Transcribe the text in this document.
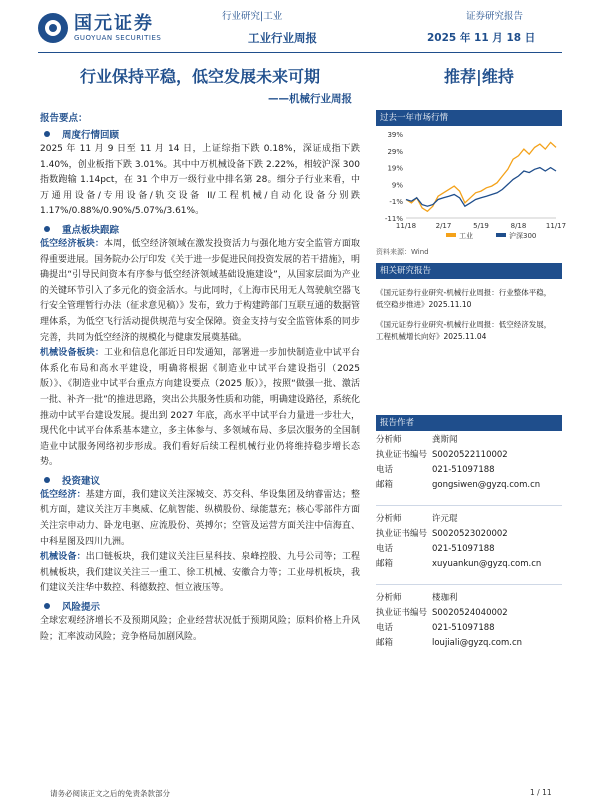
国元证券
GUOYUAN SECURITIES
行业研究|工业	证券研究报告
工业行业周报	2025 年 11 月 18 日
行业保持平稳，低空发展未来可期	推荐|维持
——机械行业周报
报告要点：
周度行情回顾

2025 年 11 月 9 日至 11 月 14 日，上证综指下跌 0.18%，深证成指下跌 1.40%，创业板指下跌 3.01%。其中中万机械设备下跌 2.22%，相较沪深 300 指数跑输 1.14pct，在 31 个申万一级行业中排名第 28。细分子行业来看，中万通用设备/专用设备/轨交设备 II/工程机械/自动化设备分别跌 1.17%/0.88%/0.90%/5.07%/3.61%。

重点板块跟踪

低空经济板块：本周，低空经济领域在激发投资活力与强化地方安全监管方面取得重要进展。国务院办公厅印发《关于进一步促进民间投资发展的若干措施》，明确提出“引导民间资本有序参与低空经济领域基础设施建设”，从国家层面为产业的关键环节引入了多元化的资金活水。与此同时，《上海市民用无人驾驶航空器飞行安全管理暂行办法（征求意见稿）》发布，致力于构建跨部门互联互通的数据管理体系，为低空飞行活动提供规范与安全保障。资金支持与安全监管体系的同步完善，共同为低空经济的规模化与健康发展奠基础。

机械设备板块：工业和信息化部近日印发通知，部署进一步加快制造业中试平台体系化布局和高水平建设，明确将根据《制造业中试平台建设指引（2025 版）》、《制造业中试平台重点方向建设要点（2025 版）》，按照“做强一批、激活一批、补齐一批”的推进思路，突出公共服务性质和功能，明确建设路径，系统化推动中试平台建设发展。提出到 2027 年底，高水平中试平台力量进一步壮大，现代化中试平台体系基本建立，多主体参与、多领域布局、多层次服务的全国制造业中试服务网络初步形成。我们看好后续工程机械行业仍将维持稳步增长态势。

投资建议

低空经济：基建方面，我们建议关注深城交、苏交科、华设集团及纳睿雷达；整机方面，建议关注万丰奥威、亿航智能、纵横股份、绿能慧充；核心零部件方面关注宗申动力、卧龙电驱、应流股份、英搏尔；空管及运营方面关注中信海直、中科星图及四川九洲。

机械设备：出口链板块，我们建议关注巨星科技、泉峰控股、九号公司等；工程机械板块，我们建议关注三一重工、徐工机械、安徽合力等；工业母机板块，我们建议关注华中数控、科德数控、恒立液压等。

风险提示

全球宏观经济增长不及预期风险；企业经营状况低于预期风险；原料价格上升风险；汇率波动风险；竞争格局加剧风险。

过去一年市场行情
39%
29%
19%
9%
-1%
-11%
11/18	2/17	5/19	8/18	11/17
工业	沪深300
资料来源：Wind
相关研究报告

《国元证券行业研究-机械行业周报：行业整体平稳，低空稳步推进》2025.11.10

《国元证券行业研究-机械行业周报：低空经济发展，工程机械增长向好》2025.11.04

报告作者
分析师	龚斯闻
执业证书编号 S0020522110002
电话	021-51097188
邮箱	gongsiwen@gyzq.com.cn
分析师	许元琨
执业证书编号 S0020523020002
电话	021-51097188
邮箱	xuyuankun@gyzq.com.cn
分析师	楼珈利
执业证书编号 S0020524040002
电话	021-51097188
邮箱	loujiali@gyzq.com.cn
请务必阅读正文之后的免责条款部分	1 / 11
